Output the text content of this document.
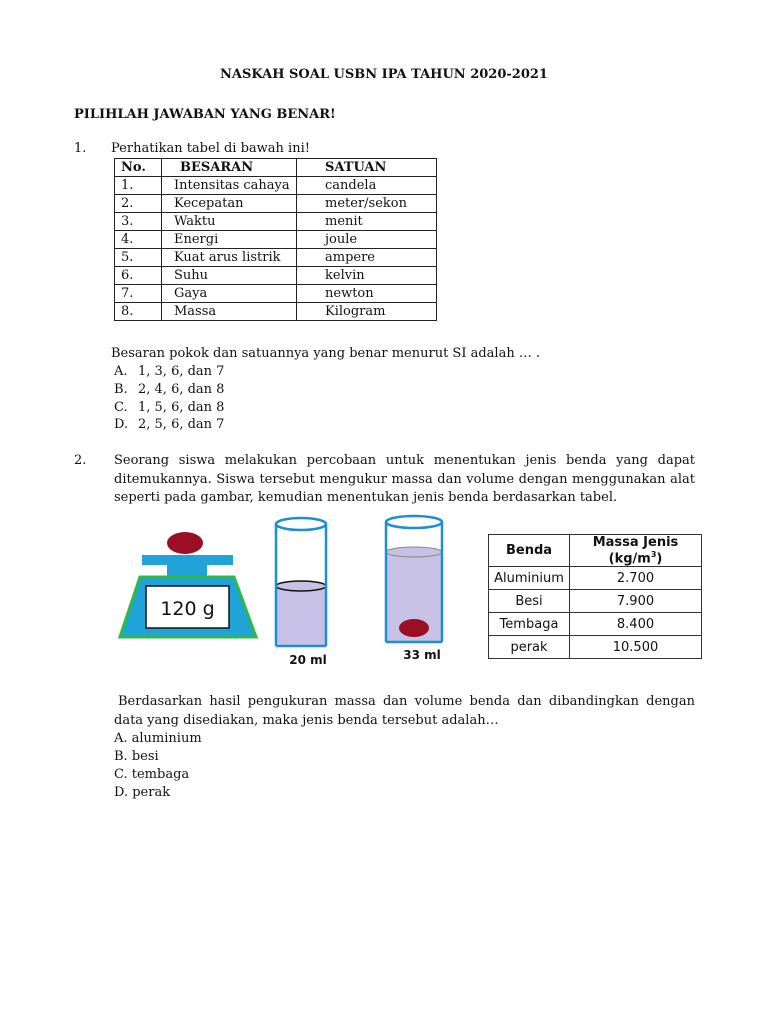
NASKAH SOAL USBN IPA TAHUN 2020-2021
PILIHLAH JAWABAN YANG BENAR!
1. Perhatikan tabel di bawah ini!
No.	BESARAN	SATUAN
1.	Intensitas cahaya	candela
2.	Kecepatan	meter/sekon
3.	Waktu	menit
4.	Energi	joule
5.	Kuat arus listrik	ampere
6.	Suhu	kelvin
7.	Gaya	newton
8.	Massa	Kilogram
Besaran pokok dan satuannya yang benar menurut SI adalah … .
A. 1, 3, 6, dan 7
B. 2, 4, 6, dan 8
C. 1, 5, 6, dan 8
D. 2, 5, 6, dan 7
2. Seorang siswa melakukan percobaan untuk menentukan jenis benda yang dapat ditemukannya. Siswa tersebut mengukur massa dan volume dengan menggunakan alat seperti pada gambar, kemudian menentukan jenis benda berdasarkan tabel.
120 g
20 ml	33 ml
Benda	Massa Jenis $(kg/m^3)$
Aluminium	2.700
Besi	7.900
Tembaga	8.400
perak	10.500
Berdasarkan hasil pengukuran massa dan volume benda dan dibandingkan dengan data yang disediakan, maka jenis benda tersebut adalah…
A. aluminium
B. besi
C. tembaga
D. perak
